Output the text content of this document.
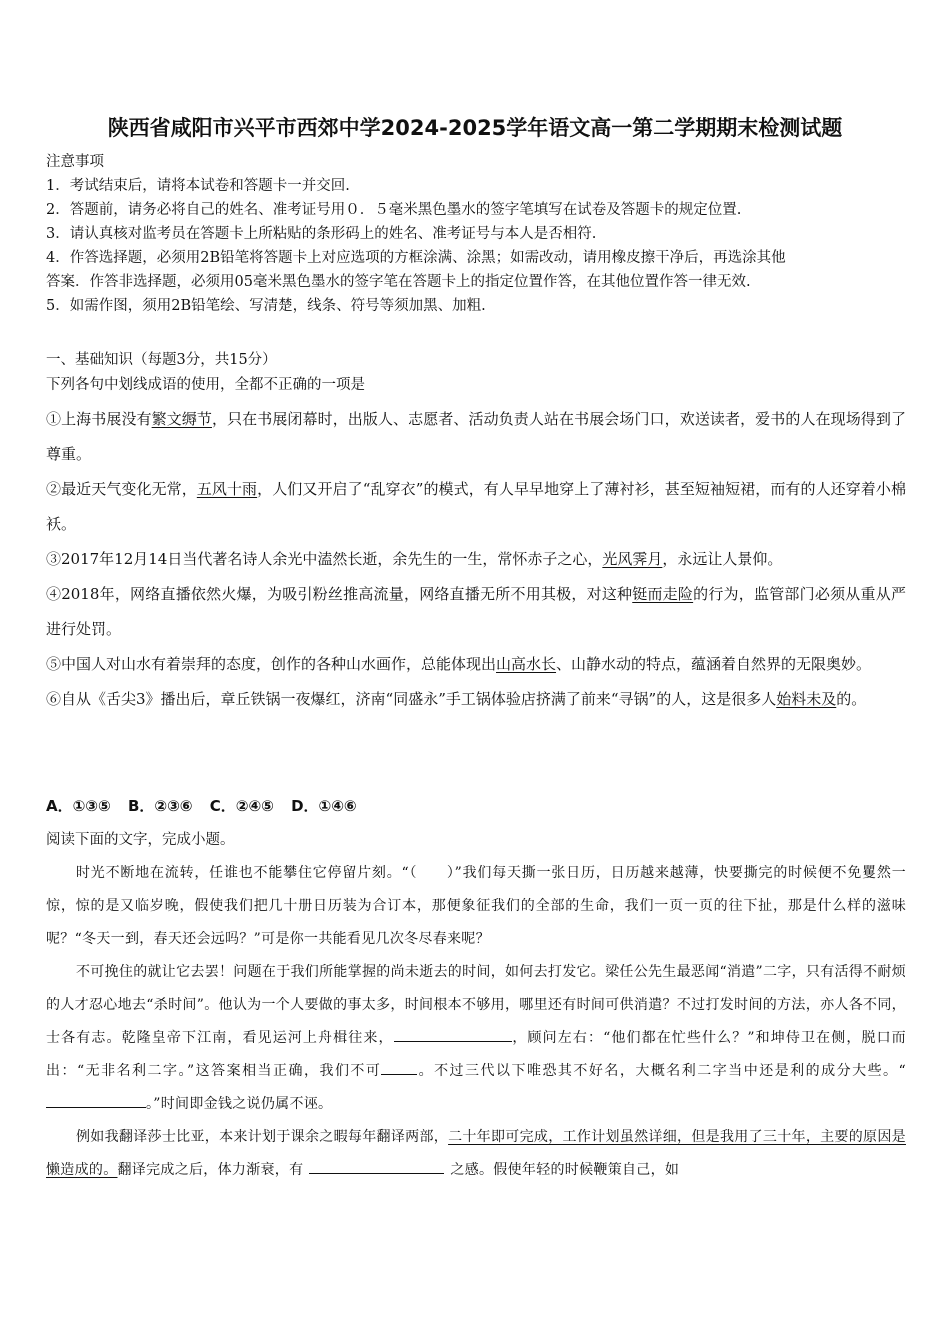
陕西省咸阳市兴平市西郊中学2024-2025学年语文高一第二学期期末检测试题
注意事项
1．考试结束后，请将本试卷和答题卡一并交回.
2．答题前，请务必将自己的姓名、准考证号用０．５毫米黑色墨水的签字笔填写在试卷及答题卡的规定位置.
3．请认真核对监考员在答题卡上所粘贴的条形码上的姓名、准考证号与本人是否相符.
4．作答选择题，必须用2B铅笔将答题卡上对应选项的方框涂满、涂黑；如需改动，请用橡皮擦干净后，再选涂其他
答案．作答非选择题，必须用05毫米黑色墨水的签字笔在答题卡上的指定位置作答，在其他位置作答一律无效.
5．如需作图，须用2B铅笔绘、写清楚，线条、符号等须加黑、加粗.
一、基础知识（每题3分，共15分）
下列各句中划线成语的使用，全都不正确的一项是

①上海书展没有繁文缛节，只在书展闭幕时，出版人、志愿者、活动负责人站在书展会场门口，欢送读者，爱书的人在现场得到了尊重。

②最近天气变化无常，五风十雨，人们又开启了“乱穿衣”的模式，有人早早地穿上了薄衬衫，甚至短袖短裙，而有的人还穿着小棉袄。

③2017年12月14日当代著名诗人余光中溘然长逝，余先生的一生，常怀赤子之心，光风霁月，永远让人景仰。

④2018年，网络直播依然火爆，为吸引粉丝推高流量，网络直播无所不用其极，对这种铤而走险的行为，监管部门必须从重从严进行处罚。

⑤中国人对山水有着崇拜的态度，创作的各种山水画作，总能体现出山高水长、山静水动的特点，蕴涵着自然界的无限奥妙。

⑥自从《舌尖3》播出后，章丘铁锅一夜爆红，济南“同盛永”手工锅体验店挤满了前来“寻锅”的人，这是很多人始料未及的。

A．①③⑤ B．②③⑥ C．②④⑤ D．①④⑥
阅读下面的文字，完成小题。

时光不断地在流转，任谁也不能攀住它停留片刻。“（　　）”我们每天撕一张日历，日历越来越薄，快要撕完的时候便不免矍然一惊，惊的是又临岁晚，假使我们把几十册日历装为合订本，那便象征我们的全部的生命，我们一页一页的往下扯，那是什么样的滋味呢？“冬天一到，春天还会远吗？”可是你一共能看见几次冬尽春来呢？

不可挽住的就让它去罢！问题在于我们所能掌握的尚未逝去的时间，如何去打发它。梁任公先生最恶闻“消遣”二字，只有活得不耐烦的人才忍心地去“杀时间”。他认为一个人要做的事太多，时间根本不够用，哪里还有时间可供消遣？不过打发时间的方法，亦人各不同，士各有志。乾隆皇帝下江南，看见运河上舟楫往来，	，顾问左右：“他们都在忙些什么？”和坤侍卫在侧，脱口而出：“无非名利二字。”这答案相当正确，我们不可	。不过三代以下唯恐其不好名，大概名利二字当中还是利的成分大些。“。”时间即金钱之说仍属不诬。

例如我翻译莎士比亚，本来计划于课余之暇每年翻译两部，二十年即可完成，工作计划虽然详细，但是我用了三十年，主要的原因是懒造成的。翻译完成之后，体力渐衰，有	之感。假使年轻的时候鞭策自己，如
